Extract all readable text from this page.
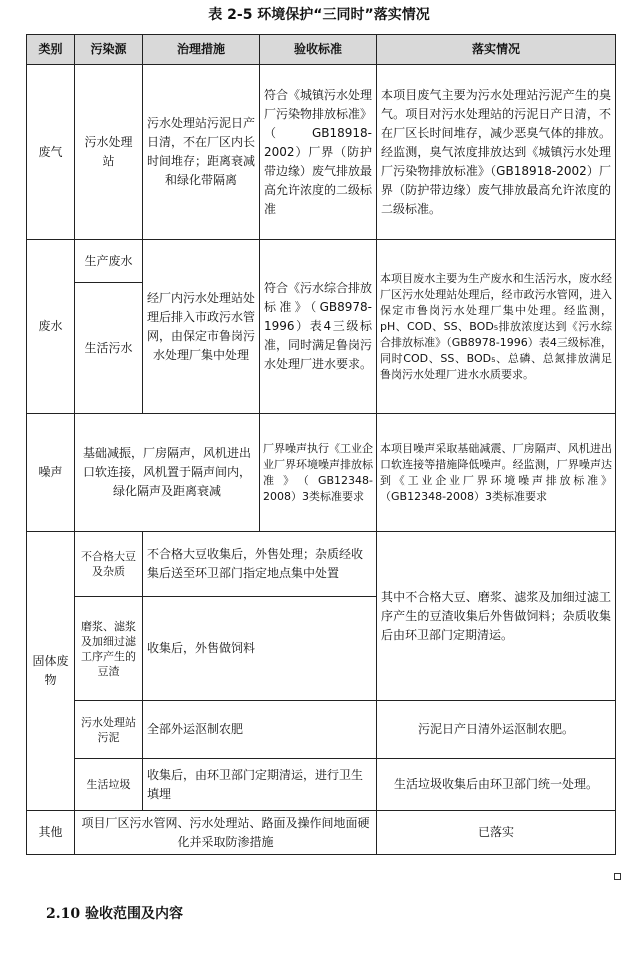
表 2-5 环境保护“三同时”落实情况
类别	污染源	治理措施	验收标准	落实情况
废气	污水处理站	污水处理站污泥日产日清，不在厂区内长时间堆存；距离衰减和绿化带隔离	符合《城镇污水处理厂污染物排放标准》（GB18918-2002）厂界（防护带边缘）废气排放最高允许浓度的二级标准	本项目废气主要为污水处理站污泥产生的臭气。项目对污水处理站的污泥日产日清，不在厂区长时间堆存，减少恶臭气体的排放。经监测，臭气浓度排放达到《城镇污水处理厂污染物排放标准》（GB18918-2002）厂界（防护带边缘）废气排放最高允许浓度的二级标准。
废水	生产废水	经厂内污水处理站处理后排入市政污水管网，由保定市鲁岗污水处理厂集中处理	符合《污水综合排放标准》（GB8978-1996）表4三级标准，同时满足鲁岗污水处理厂进水要求。	本项目废水主要为生产废水和生活污水，废水经厂区污水处理站处理后，经市政污水管网，进入保定市鲁岗污水处理厂集中处理。经监测，pH、COD、SS、BOD₅排放浓度达到《污水综合排放标准》（GB8978-1996）表4三级标准，同时COD、SS、BOD₅、总磷、总氮排放满足鲁岗污水处理厂进水水质要求。
	生活污水			
噪声	基础减振，厂房隔声，风机进出口软连接，风机置于隔声间内，绿化隔声及距离衰减		厂界噪声执行《工业企业厂界环境噪声排放标准》（GB12348-2008）3类标准要求	本项目噪声采取基础减震、厂房隔声、风机进出口软连接等措施降低噪声。经监测，厂界噪声达到《工业企业厂界环境噪声排放标准》（GB12348-2008）3类标准要求
固体废物	不合格大豆及杂质	不合格大豆收集后，外售处理；杂质经收集后送至环卫部门指定地点集中处置		其中不合格大豆、磨浆、滤浆及加细过滤工序产生的豆渣收集后外售做饲料；杂质收集后由环卫部门定期清运。
	磨浆、滤浆及加细过滤工序产生的豆渣	收集后，外售做饲料		
	污水处理站污泥	全部外运沤制农肥		污泥日产日清外运沤制农肥。
	生活垃圾	收集后，由环卫部门定期清运，进行卫生填埋		生活垃圾收集后由环卫部门统一处理。
其他	项目厂区污水管网、污水处理站、路面及操作间地面硬化并采取防渗措施			已落实
2.10 验收范围及内容
